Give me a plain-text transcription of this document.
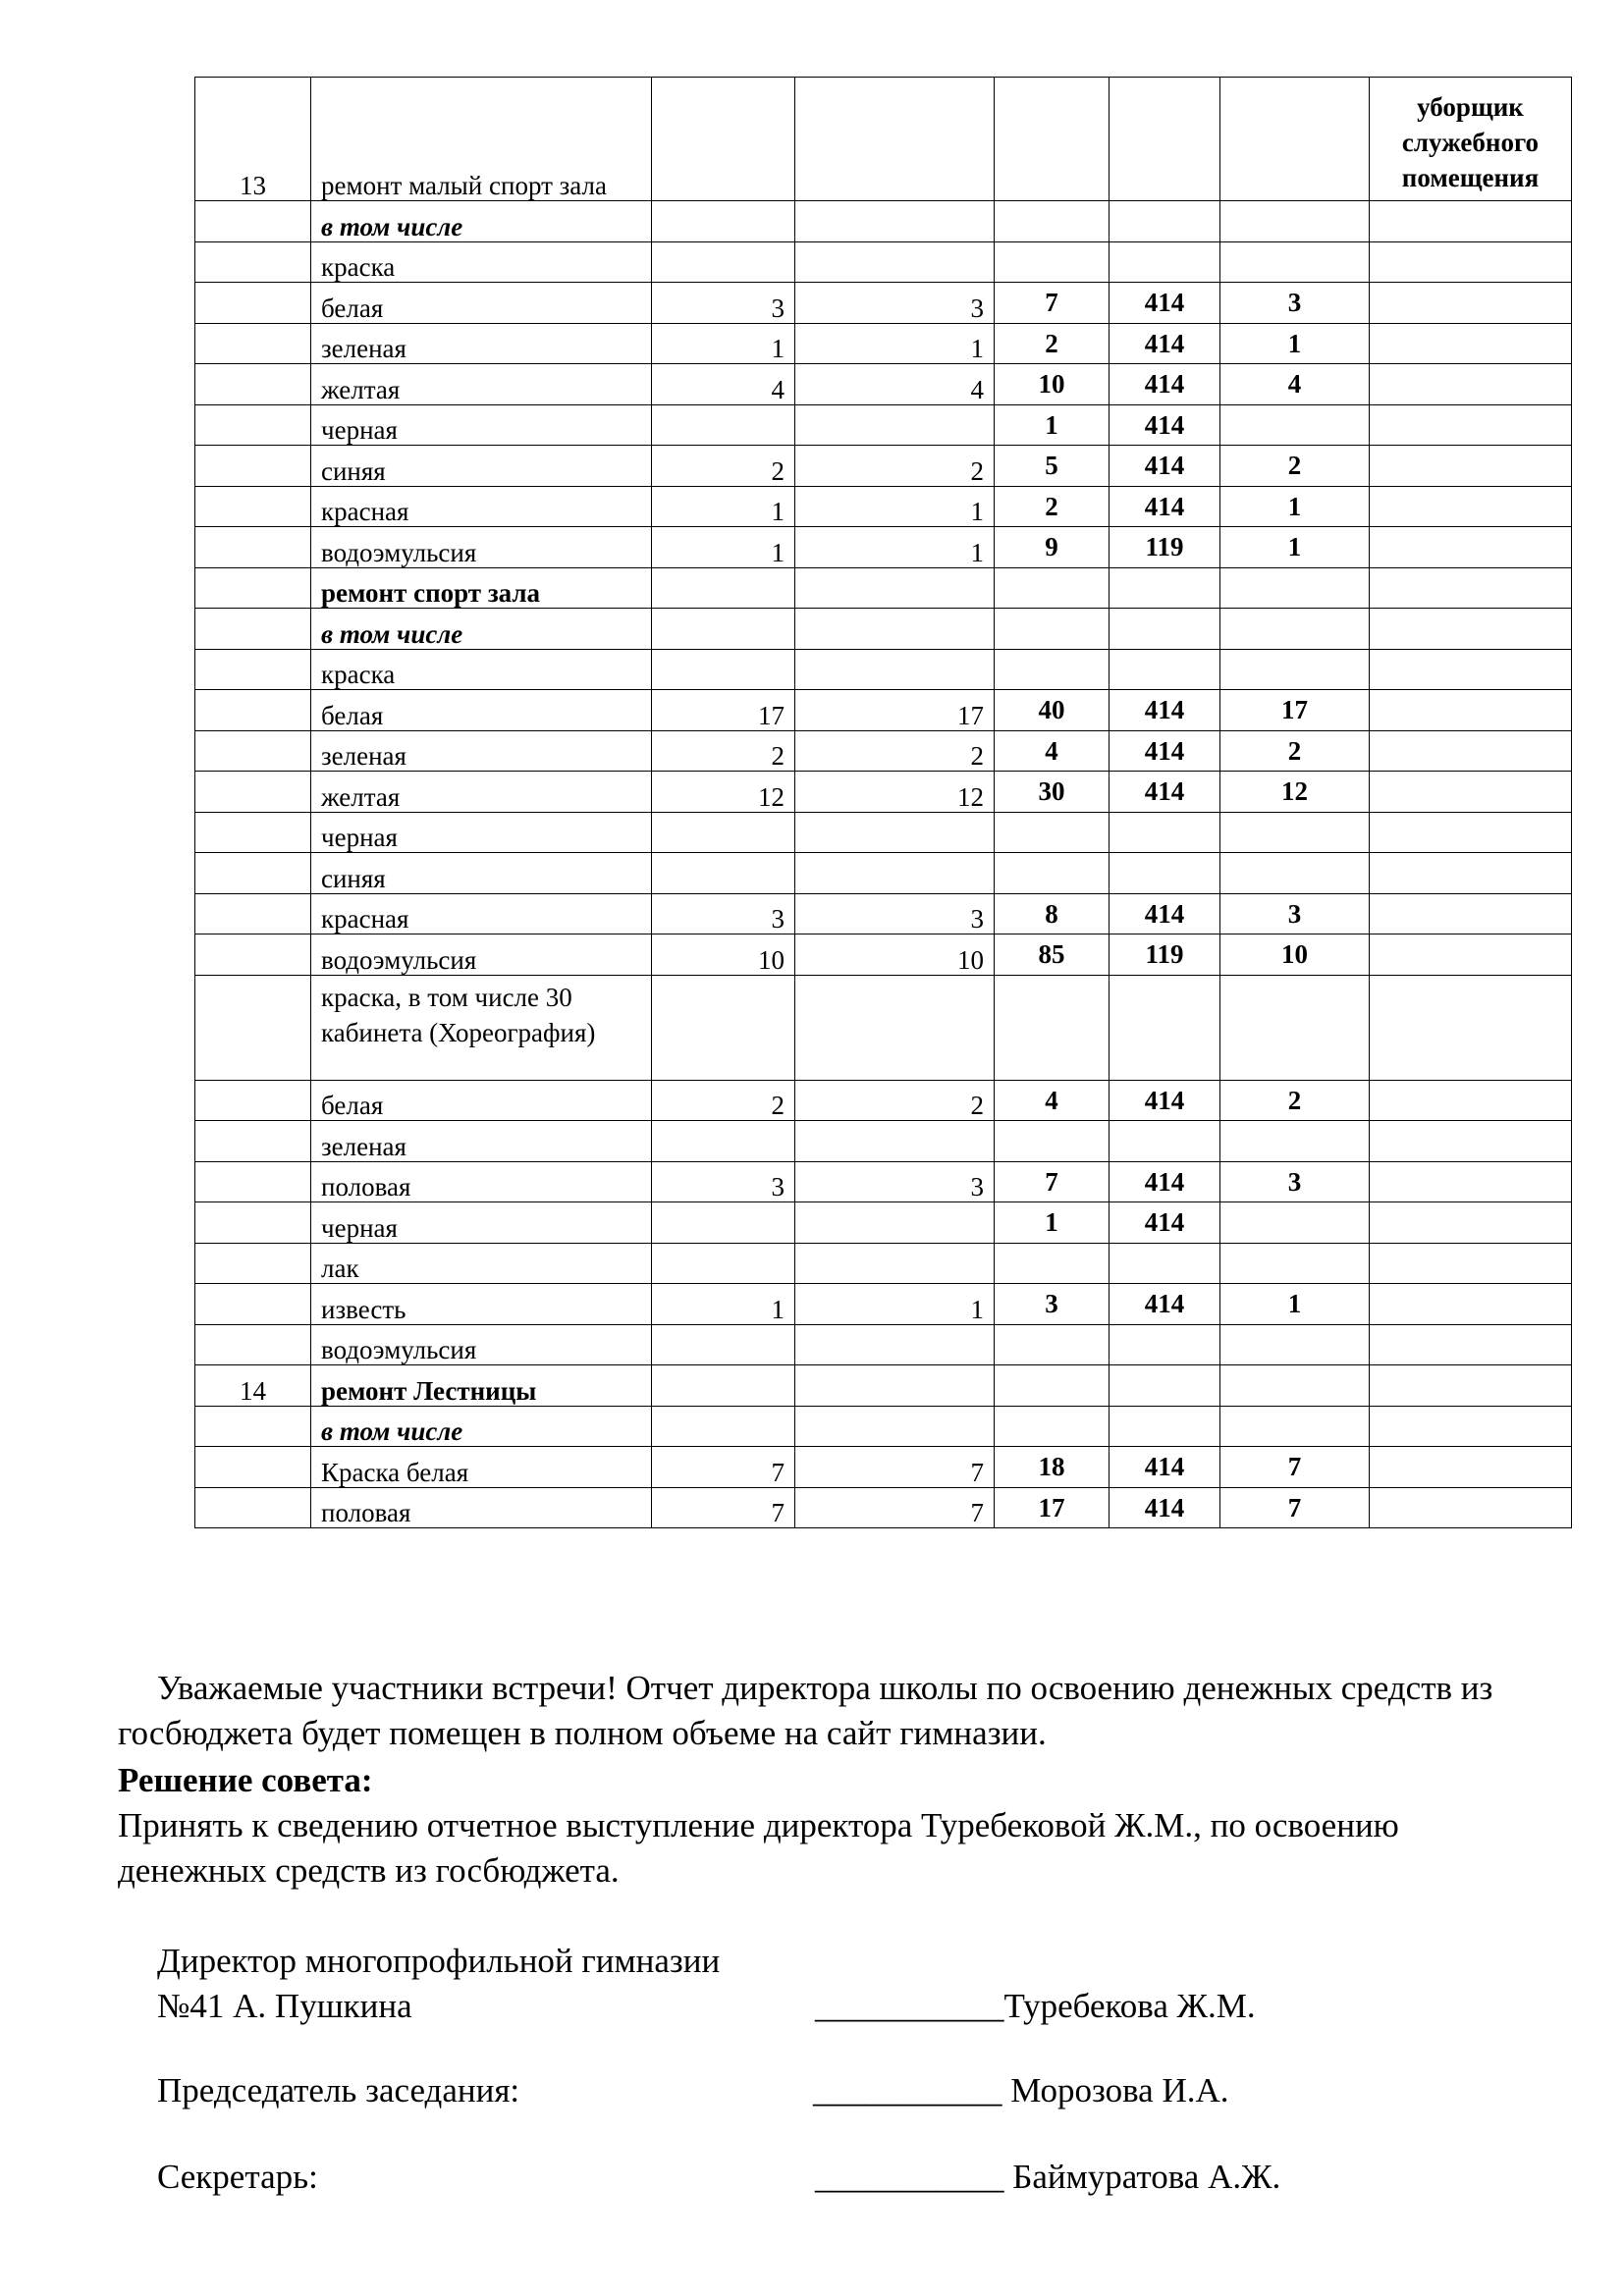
13	ремонт малый спорт зала						уборщик служебного помещения
	в том числе						
	краска						
	белая	3	3	7	414	3	
	зеленая	1	1	2	414	1	
	желтая	4	4	10	414	4	
	черная			1	414		
	синяя	2	2	5	414	2	
	красная	1	1	2	414	1	
	водоэмульсия	1	1	9	119	1	
	ремонт спорт зала						
	в том числе						
	краска						
	белая	17	17	40	414	17	
	зеленая	2	2	4	414	2	
	желтая	12	12	30	414	12	
	черная						
	синяя						
	красная	3	3	8	414	3	
	водоэмульсия	10	10	85	119	10	
	краска, в том числе 30 кабинета (Хореография)						
	белая	2	2	4	414	2	
	зеленая						
	половая	3	3	7	414	3	
	черная			1	414		
	лак						
	известь	1	1	3	414	1	
	водоэмульсия						
14	ремонт Лестницы						
	в том числе						
	Краска белая	7	7	18	414	7	
	половая	7	7	17	414	7	
Уважаемые участники встречи! Отчет директора школы по освоению денежных средств из госбюджета будет помещен в полном объеме на сайт гимназии.
Решение совета:
Принять к сведению отчетное выступление директора Туребековой Ж.М., по освоению денежных средств из госбюджета.
Директор многопрофильной гимназии
№41 А. Пушкина	___________Туребекова Ж.М.
Председатель заседания:	___________ Морозова И.А.
Секретарь:	___________ Баймуратова А.Ж.
